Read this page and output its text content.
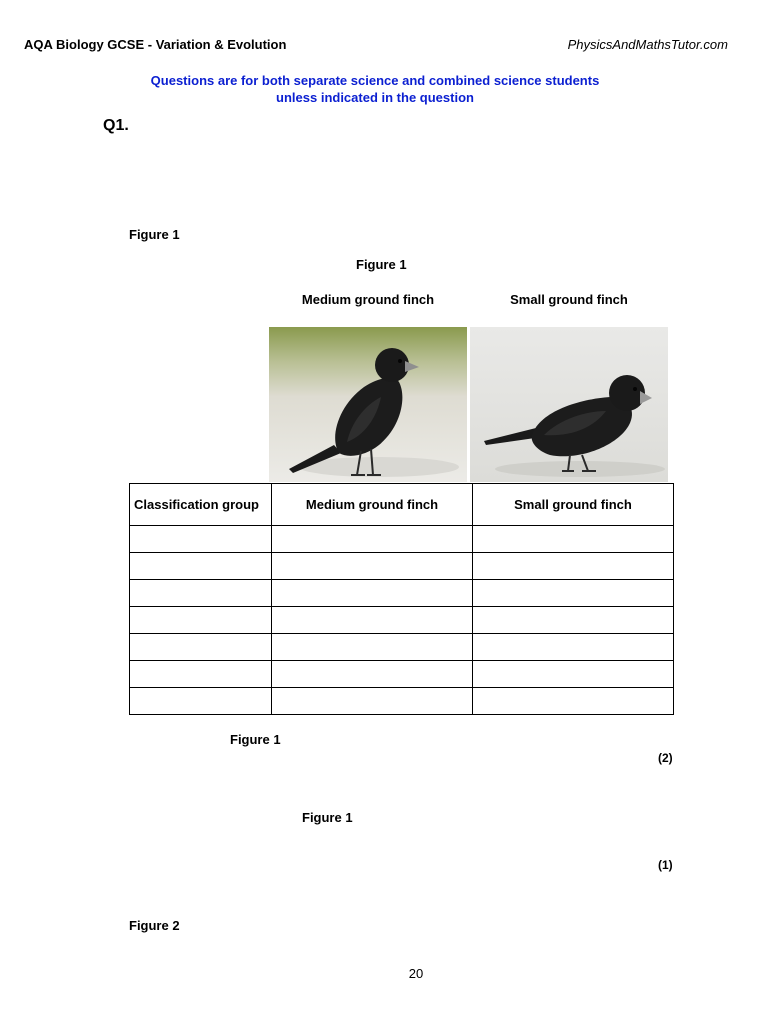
AQA Biology GCSE - Variation & Evolution	PhysicsAndMathsTutor.com
Questions are for both separate science and combined science students
unless indicated in the question
Q1.
Figure 1
Figure 1
Medium ground finch	Small ground finch
Classification group	Medium ground finch	Small ground finch

Figure 1
(2)
Figure 1
(1)
Figure 2
20
